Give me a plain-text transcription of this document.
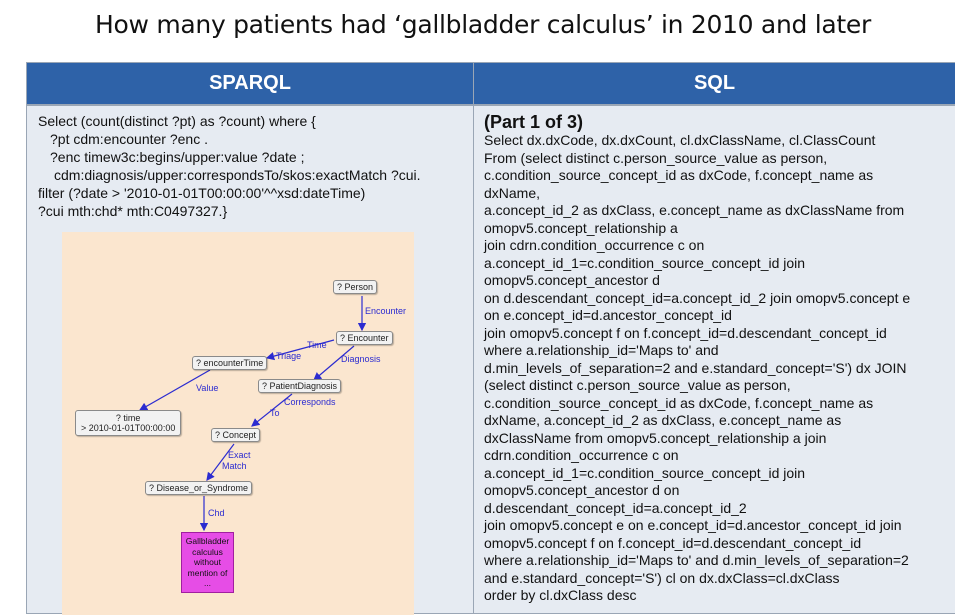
How many patients had ‘gallbladder calculus’ in 2010 and later
SPARQL	SQL
Select (count(distinct ?pt) as ?count) where {
?pt cdm:encounter ?enc .
?enc timew3c:begins/upper:value ?date ;
cdm:diagnosis/upper:correspondsTo/skos:exactMatch ?cui.
filter (?date > '2010-01-01T00:00:00'^^xsd:dateTime)
?cui mth:chd* mth:C0497327.}
? Person
? Encounter
? encounterTime
? PatientDiagnosis
? time
> 2010-01-01T00:00:00
? Concept
? Disease_or_Syndrome
Gallbladder calculus without mention of ...
Encounter
Time
Triage	Diagnosis
Value
Corresponds
To
Exact
Match
Chd
(Part 1 of 3)
Select dx.dxCode, dx.dxCount, cl.dxClassName, cl.ClassCount
From (select distinct c.person_source_value as person,
c.condition_source_concept_id as dxCode, f.concept_name as
dxName,
a.concept_id_2 as dxClass, e.concept_name as dxClassName from
omopv5.concept_relationship a
join cdrn.condition_occurrence c on
a.concept_id_1=c.condition_source_concept_id join
omopv5.concept_ancestor d
on d.descendant_concept_id=a.concept_id_2 join omopv5.concept e
on e.concept_id=d.ancestor_concept_id
join omopv5.concept f on f.concept_id=d.descendant_concept_id
where a.relationship_id='Maps to' and
d.min_levels_of_separation=2 and e.standard_concept='S') dx JOIN
(select distinct c.person_source_value as person,
c.condition_source_concept_id as dxCode, f.concept_name as
dxName, a.concept_id_2 as dxClass, e.concept_name as
dxClassName from omopv5.concept_relationship a join
cdrn.condition_occurrence c on
a.concept_id_1=c.condition_source_concept_id join
omopv5.concept_ancestor d on
d.descendant_concept_id=a.concept_id_2
join omopv5.concept e on e.concept_id=d.ancestor_concept_id join
omopv5.concept f on f.concept_id=d.descendant_concept_id
where a.relationship_id='Maps to' and d.min_levels_of_separation=2
and e.standard_concept='S') cl on dx.dxClass=cl.dxClass
order by cl.dxClass desc
